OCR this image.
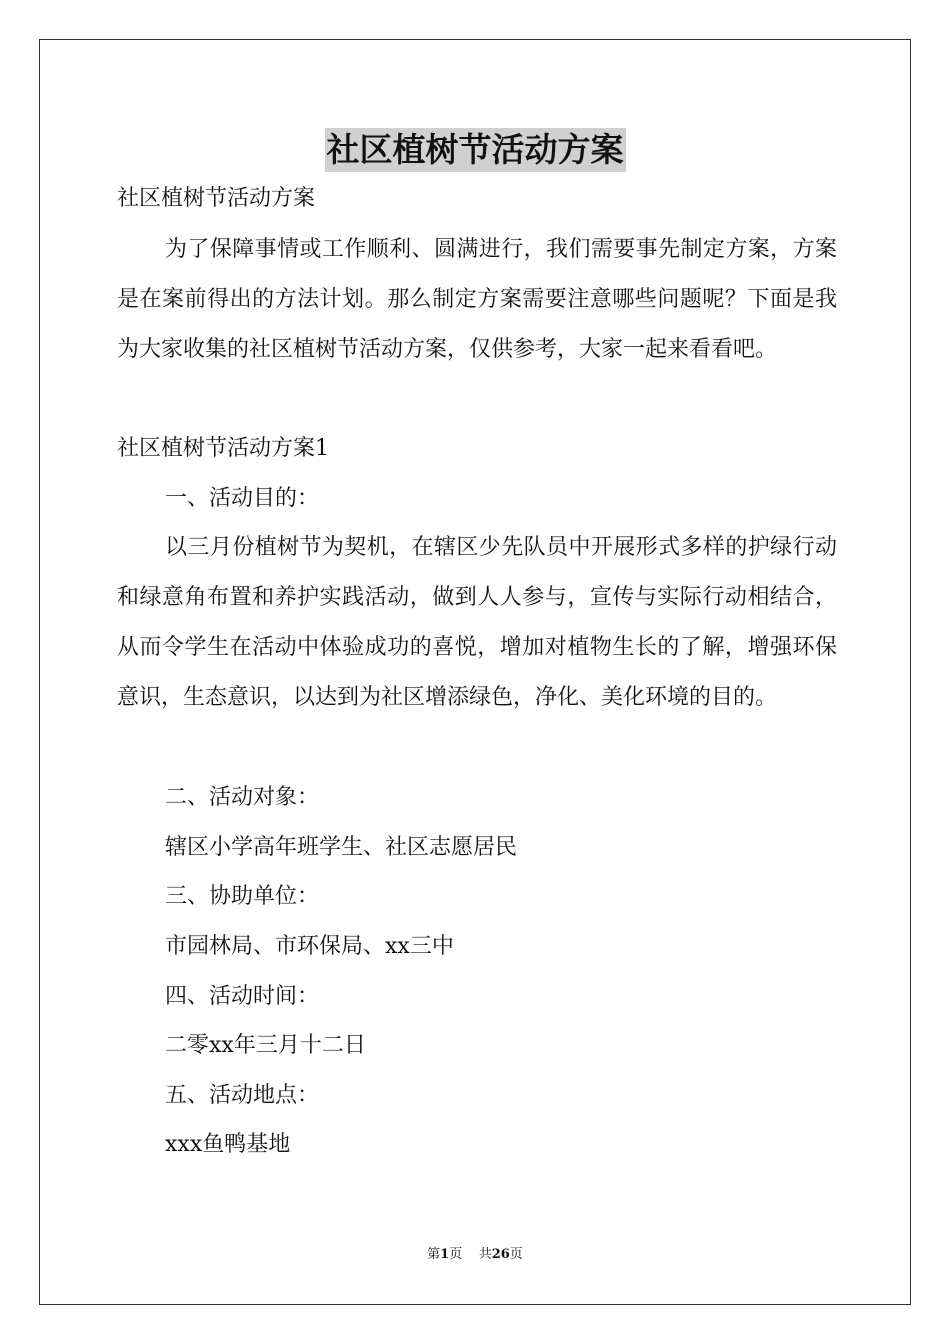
社区植树节活动方案
社区植树节活动方案
为了保障事情或工作顺利、圆满进行，我们需要事先制定方案，方案是在案前得出的方法计划。那么制定方案需要注意哪些问题呢？下面是我为大家收集的社区植树节活动方案，仅供参考，大家一起来看看吧。
社区植树节活动方案1
一、活动目的：
以三月份植树节为契机，在辖区少先队员中开展形式多样的护绿行动和绿意角布置和养护实践活动，做到人人参与，宣传与实际行动相结合，从而令学生在活动中体验成功的喜悦，增加对植物生长的了解，增强环保意识，生态意识，以达到为社区增添绿色，净化、美化环境的目的。
二、活动对象：
辖区小学高年班学生、社区志愿居民
三、协助单位：
市园林局、市环保局、xx三中
四、活动时间：
二零xx年三月十二日
五、活动地点：
xxx鱼鸭基地
第1页 共26页
